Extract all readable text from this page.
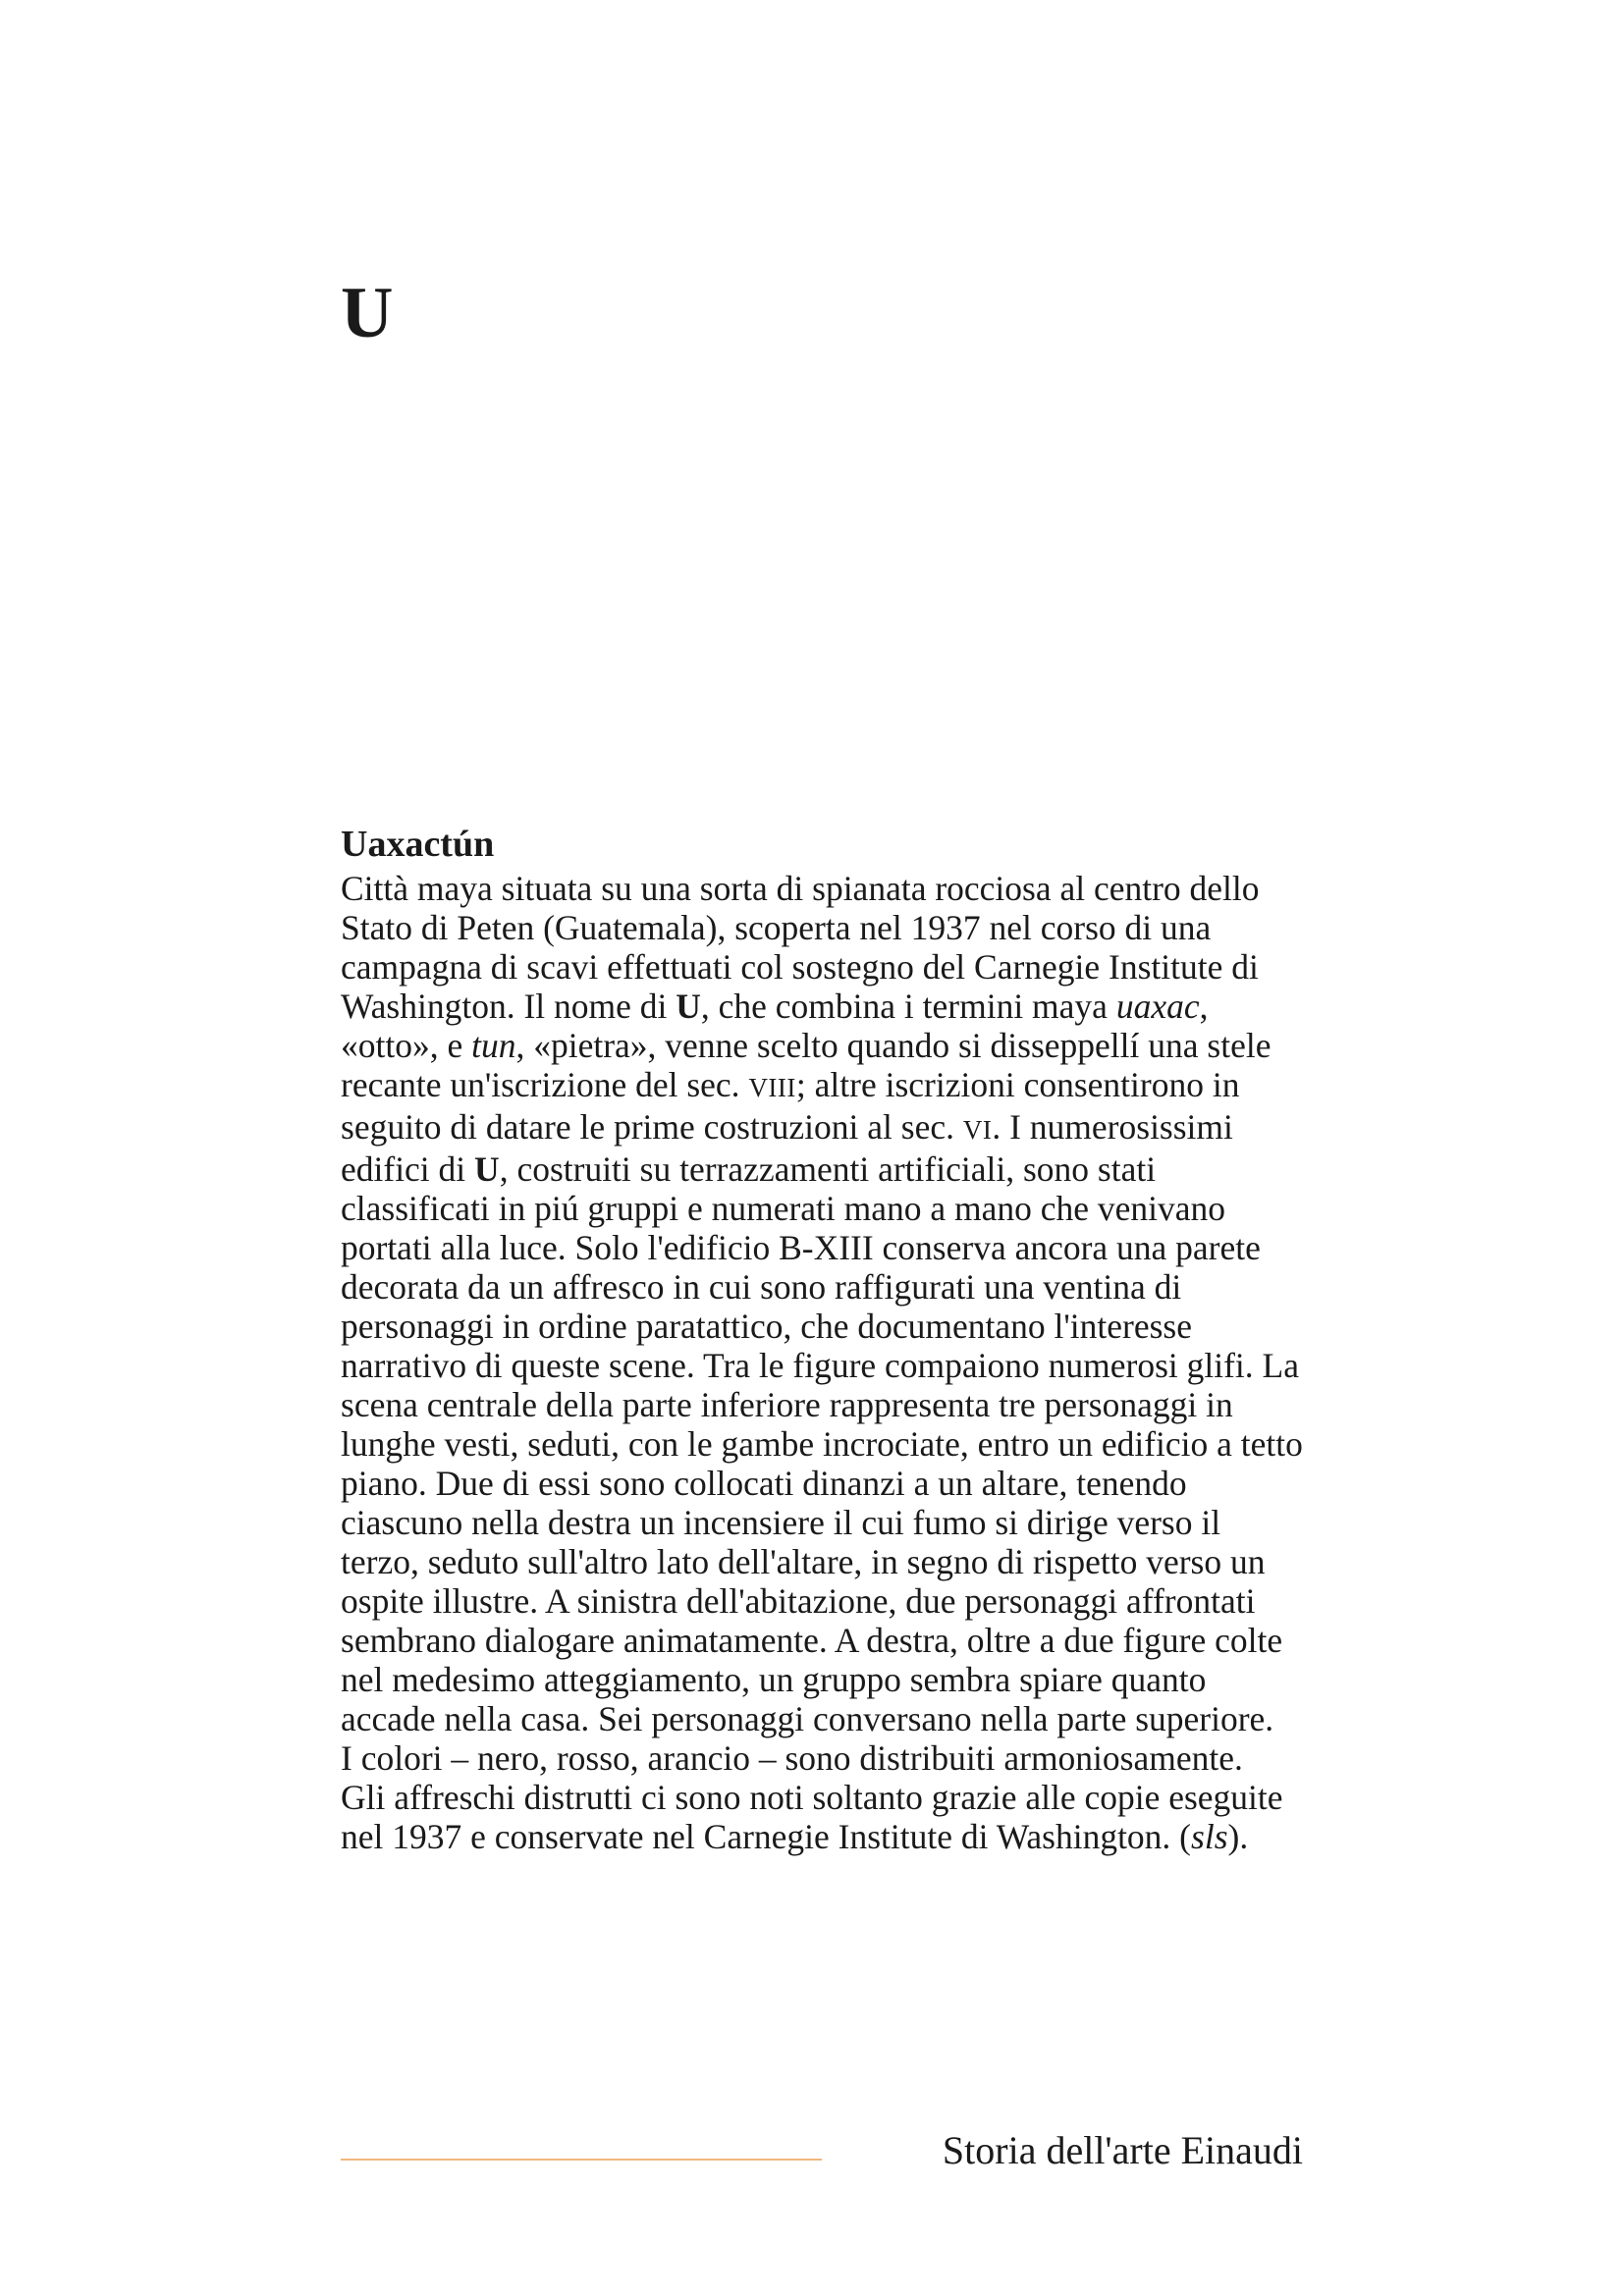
U
Uaxactún

Città maya situata su una sorta di spianata rocciosa al centro dello Stato di Peten (Guatemala), scoperta nel 1937 nel corso di una campagna di scavi effettuati col sostegno del Carnegie Institute di Washington. Il nome di U, che combina i termini maya uaxac, «otto», e tun, «pietra», venne scelto quando si disseppellí una stele recante un'iscrizione del sec. VIII; altre iscrizioni consentirono in seguito di datare le prime costruzioni al sec. VI. I numerosissimi edifici di U, costruiti su terrazzamenti artificiali, sono stati classificati in piú gruppi e numerati mano a mano che venivano portati alla luce. Solo l'edificio B-XIII conserva ancora una parete decorata da un affresco in cui sono raffigurati una ventina di personaggi in ordine paratattico, che documentano l'interesse narrativo di queste scene. Tra le figure compaiono numerosi glifi. La scena centrale della parte inferiore rappresenta tre personaggi in lunghe vesti, seduti, con le gambe incrociate, entro un edificio a tetto piano. Due di essi sono collocati dinanzi a un altare, tenendo ciascuno nella destra un incensiere il cui fumo si dirige verso il terzo, seduto sull'altro lato dell'altare, in segno di rispetto verso un ospite illustre. A sinistra dell'abitazione, due personaggi affrontati sembrano dialogare animatamente. A destra, oltre a due figure colte nel medesimo atteggiamento, un gruppo sembra spiare quanto accade nella casa. Sei personaggi conversano nella parte superiore.

I colori – nero, rosso, arancio – sono distribuiti armoniosamente.

Gli affreschi distrutti ci sono noti soltanto grazie alle copie eseguite nel 1937 e conservate nel Carnegie Institute di Washington. (sls).

Storia dell'arte Einaudi
